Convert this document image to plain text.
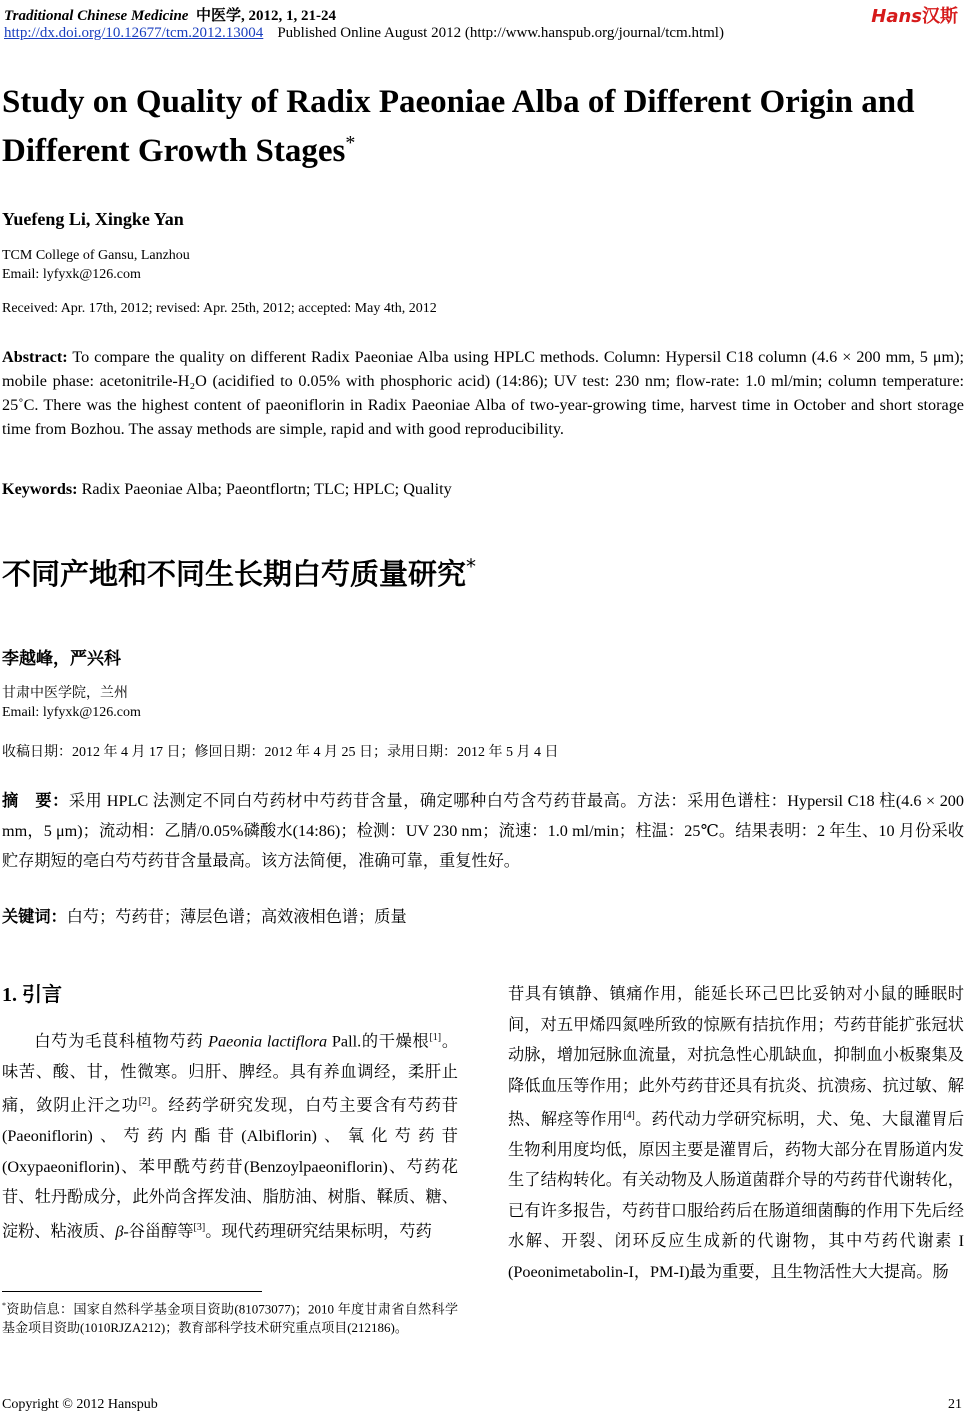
Traditional Chinese Medicine 中医学, 2012, 1, 21-24	Hans汉斯
http://dx.doi.org/10.12677/tcm.2012.13004 Published Online August 2012 (http://www.hanspub.org/journal/tcm.html)
Study on Quality of Radix Paeoniae Alba of Different Origin and Different Growth Stages*
Yuefeng Li, Xingke Yan
TCM College of Gansu, Lanzhou
Email: lyfyxk@126.com
Received: Apr. 17th, 2012; revised: Apr. 25th, 2012; accepted: May 4th, 2012
Abstract: To compare the quality on different Radix Paeoniae Alba using HPLC methods. Column: Hypersil C18 column (4.6 × 200 mm, 5 μm); mobile phase: acetonitrile-H₂O (acidified to 0.05% with phosphoric acid) (14:86); UV test: 230 nm; flow-rate: 1.0 ml/min; column temperature: 25˚C. There was the highest content of paeoniflorin in Radix Paeoniae Alba of two-year-growing time, harvest time in October and short storage time from Bozhou. The assay methods are simple, rapid and with good reproducibility.
Keywords: Radix Paeoniae Alba; Paeontflortn; TLC; HPLC; Quality
不同产地和不同生长期白芍质量研究*
李越峰，严兴科
甘肃中医学院，兰州
Email: lyfyxk@126.com
收稿日期：2012 年 4 月 17 日；修回日期：2012 年 4 月 25 日；录用日期：2012 年 5 月 4 日
摘　要：采用 HPLC 法测定不同白芍药材中芍药苷含量，确定哪种白芍含芍药苷最高。方法：采用色谱柱：Hypersil C18 柱(4.6 × 200 mm，5 μm)；流动相：乙腈/0.05%磷酸水(14:86)；检测：UV 230 nm；流速：1.0 ml/min；柱温：25℃。结果表明：2 年生、10 月份采收贮存期短的亳白芍芍药苷含量最高。该方法简便，准确可靠，重复性好。
关键词：白芍；芍药苷；薄层色谱；高效液相色谱；质量
1. 引言
白芍为毛茛科植物芍药 Paeonia lactiflora Pall.的干燥根[1]。味苦、酸、甘，性微寒。归肝、脾经。具有养血调经，柔肝止痛，敛阴止汗之功[2]。经药学研究发现，白芍主要含有芍药苷(Paeoniflorin)、芍药内酯苷(Albiflorin)、氧化芍药苷(Oxypaeoniflorin)、苯甲酰芍药苷(Benzoylpaeoniflorin)、芍药花苷、牡丹酚成分，此外尚含挥发油、脂肪油、树脂、鞣质、糖、淀粉、粘液质、β-谷甾醇等[3]。现代药理研究结果标明，芍药
苷具有镇静、镇痛作用，能延长环己巴比妥钠对小鼠的睡眠时间，对五甲烯四氮唑所致的惊厥有拮抗作用；芍药苷能扩张冠状动脉，增加冠脉血流量，对抗急性心肌缺血，抑制血小板聚集及降低血压等作用；此外芍药苷还具有抗炎、抗溃疡、抗过敏、解热、解痉等作用[4]。药代动力学研究标明，犬、兔、大鼠灌胃后生物利用度均低，原因主要是灌胃后，药物大部分在胃肠道内发生了结构转化。有关动物及人肠道菌群介导的芍药苷代谢转化，已有许多报告，芍药苷口服给药后在肠道细菌酶的作用下先后经水解、开裂、闭环反应生成新的代谢物，其中芍药代谢素 I (Poeonimetabolin-I，PM-I)最为重要，且生物活性大大提高。肠
*资助信息：国家自然科学基金项目资助(81073077)；2010 年度甘肃省自然科学基金项目资助(1010RJZA212)；教育部科学技术研究重点项目(212186)。
Copyright © 2012 Hanspub	21
